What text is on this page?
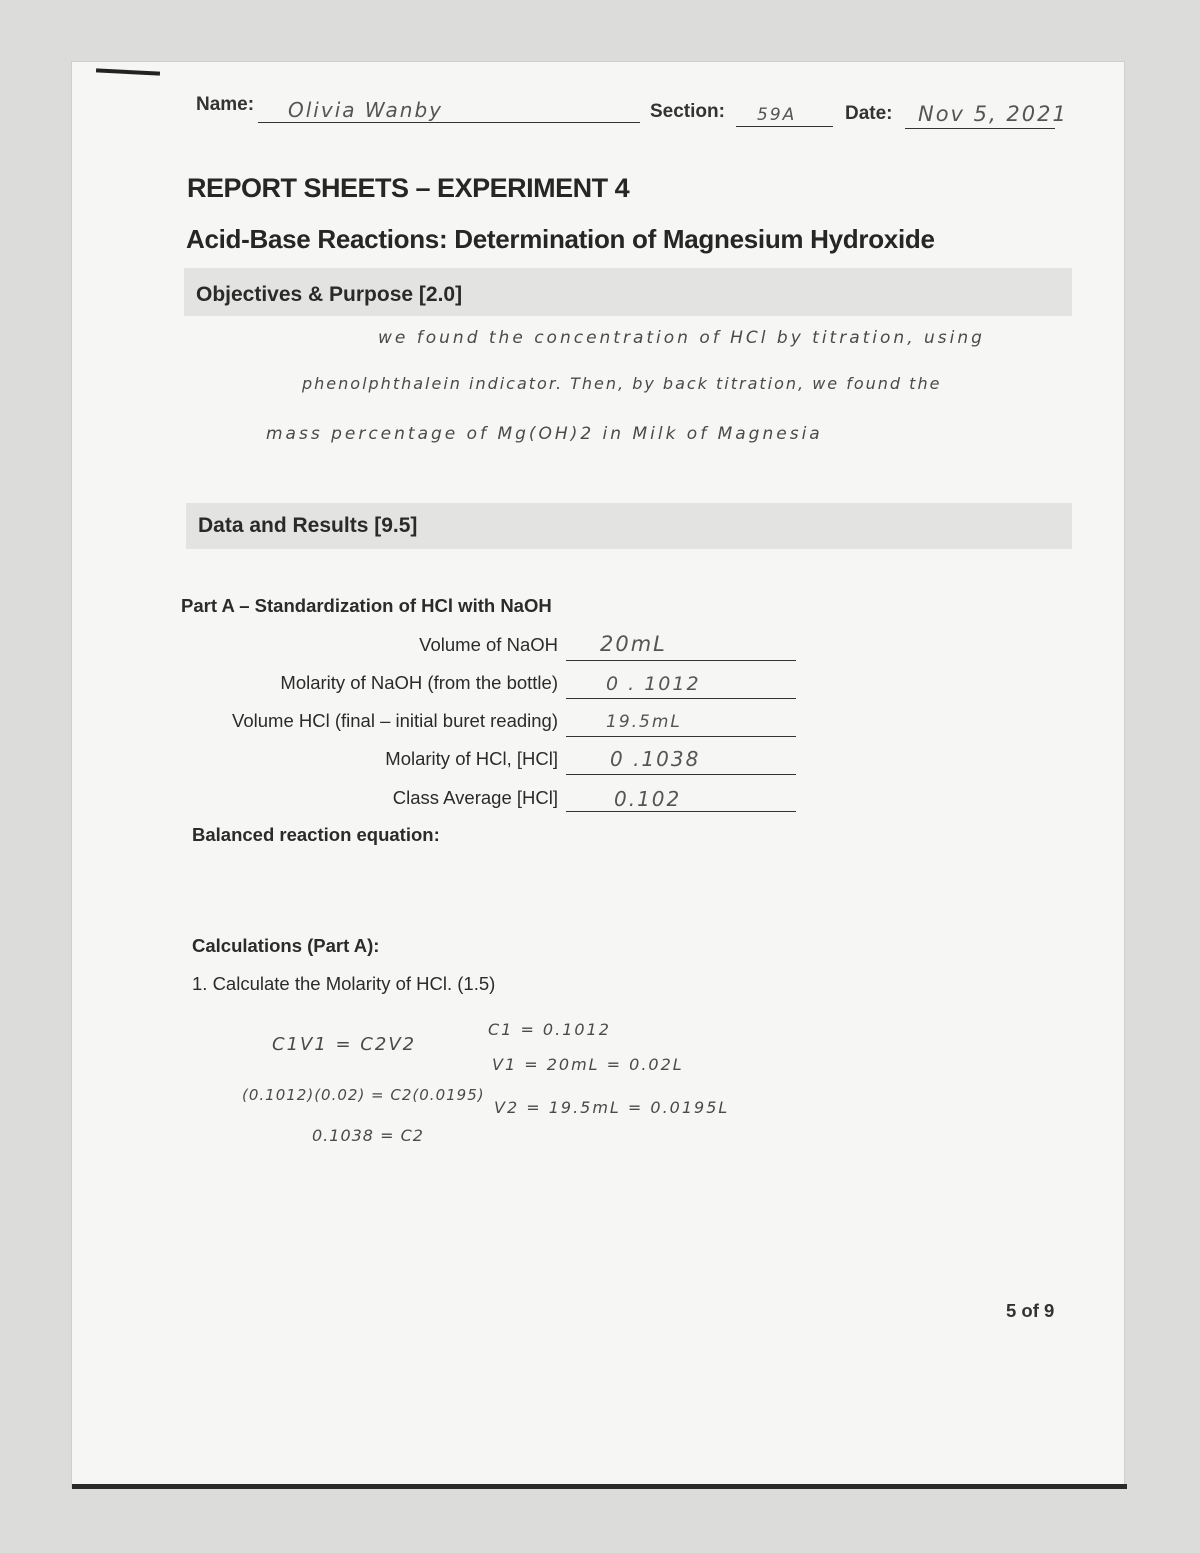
Name: Olivia Wanby	Section: 59A	Date: Nov 5, 2021
REPORT SHEETS – EXPERIMENT 4
Acid-Base Reactions: Determination of Magnesium Hydroxide
Objectives & Purpose [2.0]
we found the concentration of HCl by titration, using
phenolphthalein indicator. Then, by back titration, we found the
mass percentage of Mg(OH)2 in Milk of Magnesia
Data and Results [9.5]
Part A – Standardization of HCl with NaOH
Volume of NaOH 20mL
Molarity of NaOH (from the bottle)	0 . 1012
Volume HCl (final – initial buret reading)	19.5mL
Molarity of HCl, [HCl]	0 .1038
Class Average [HCl]	0.102
Balanced reaction equation:
Calculations (Part A):
1. Calculate the Molarity of HCl. (1.5)
C1V1 = C2V2
(0.1012)(0.02) = C2(0.0195)
0.1038 = C2
C1 = 0.1012
V1 = 20mL = 0.02L
V2 = 19.5mL = 0.0195L
5 of 9
